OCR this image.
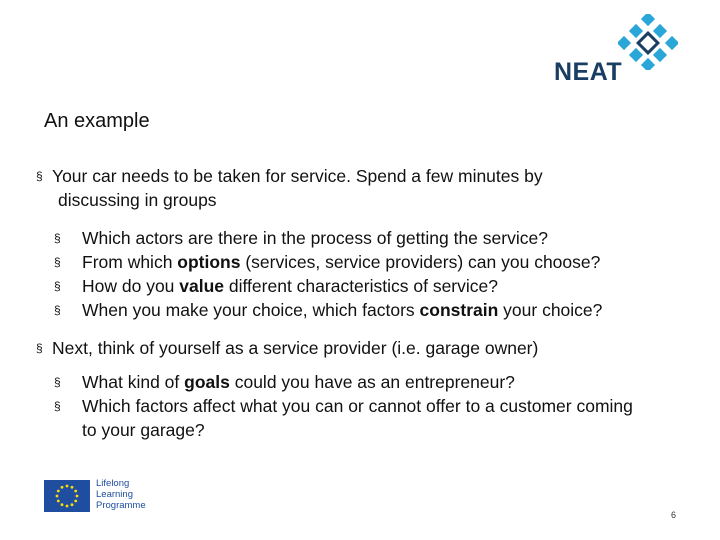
NEAT
An example
§ Your car needs to be taken for service. Spend a few minutes by
discussing in groups
§	Which actors are there in the process of getting the service?
§	From which options (services, service providers) can you choose?
§	How do you value different characteristics of service?
§	When you make your choice, which factors constrain your choice?
§ Next, think of yourself as a service provider (i.e. garage owner)
§	What kind of goals could you have as an entrepreneur?
§	Which factors affect what you can or cannot offer to a customer coming
to your garage?
Lifelong
Learning
Programme
6
